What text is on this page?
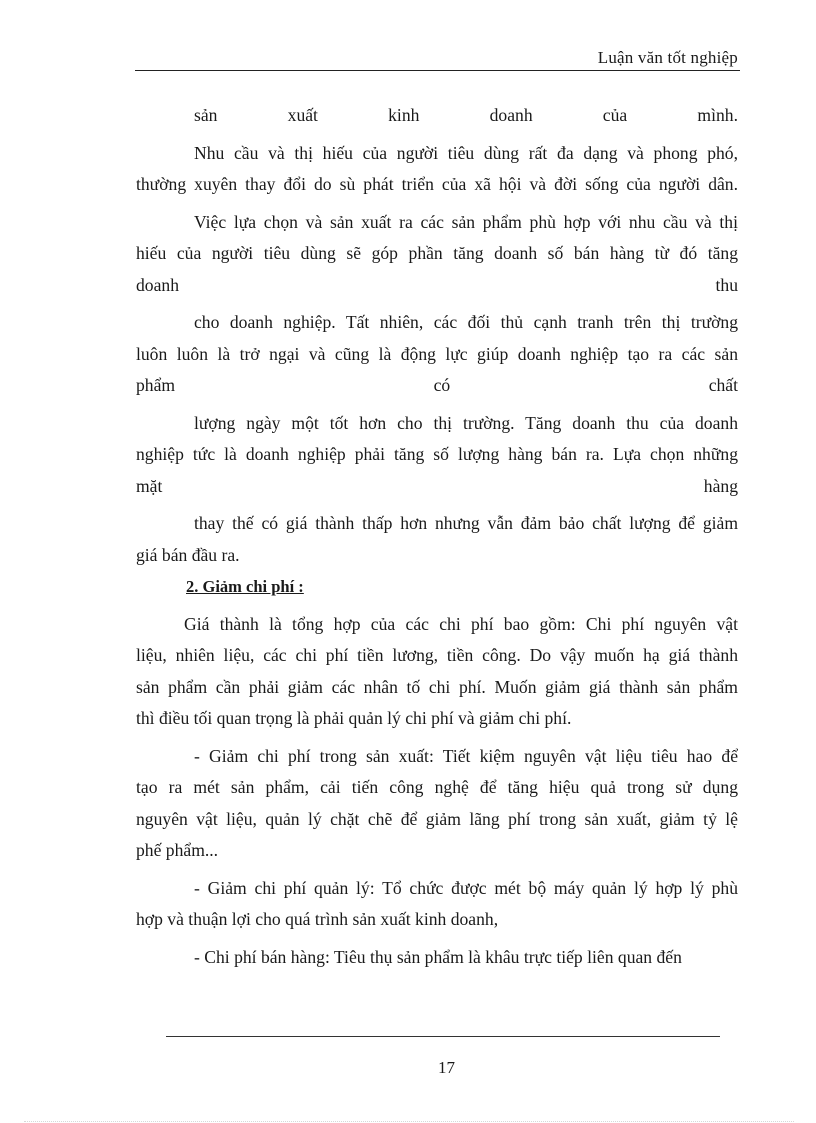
Luận văn tốt nghiệp
sản xuất kinh doanh của mình.
Nhu cầu và thị hiếu của người tiêu dùng rất đa dạng và phong phó,
thường xuyên thay đổi do sù phát triển của xã hội và đời sống của người dân.
Việc lựa chọn và sản xuất ra các sản phẩm phù hợp với nhu cầu và thị
hiếu của người tiêu dùng sẽ góp phần tăng doanh số bán hàng từ đó tăng
doanh thu
cho doanh nghiệp. Tất nhiên, các đối thủ cạnh tranh trên thị trường
luôn luôn là trở ngại và cũng là động lực giúp doanh nghiệp tạo ra các sản
phẩm có chất
lượng ngày một tốt hơn cho thị trường. Tăng doanh thu của doanh
nghiệp tức là doanh nghiệp phải tăng số lượng hàng bán ra. Lựa chọn những
mặt hàng
thay thế có giá thành thấp hơn nhưng vẫn đảm bảo chất lượng để giảm
giá bán đầu ra.
2. Giảm chi phí :
Giá thành là tổng hợp của các chi phí bao gồm: Chi phí nguyên vật
liệu, nhiên liệu, các chi phí tiền lương, tiền công. Do vậy muốn hạ giá thành
sản phẩm cần phải giảm các nhân tố chi phí. Muốn giảm giá thành sản phẩm
thì điều tối quan trọng là phải quản lý chi phí và giảm chi phí.
- Giảm chi phí trong sản xuất: Tiết kiệm nguyên vật liệu tiêu hao để
tạo ra mét sản phẩm, cải tiến công nghệ để tăng hiệu quả trong sử dụng
nguyên vật liệu, quản lý chặt chẽ để giảm lãng phí trong sản xuất, giảm tỷ lệ
phế phẩm...
- Giảm chi phí quản lý: Tổ chức được mét bộ máy quản lý hợp lý phù
hợp và thuận lợi cho quá trình sản xuất kinh doanh,
- Chi phí bán hàng: Tiêu thụ sản phẩm là khâu trực tiếp liên quan đến
17
